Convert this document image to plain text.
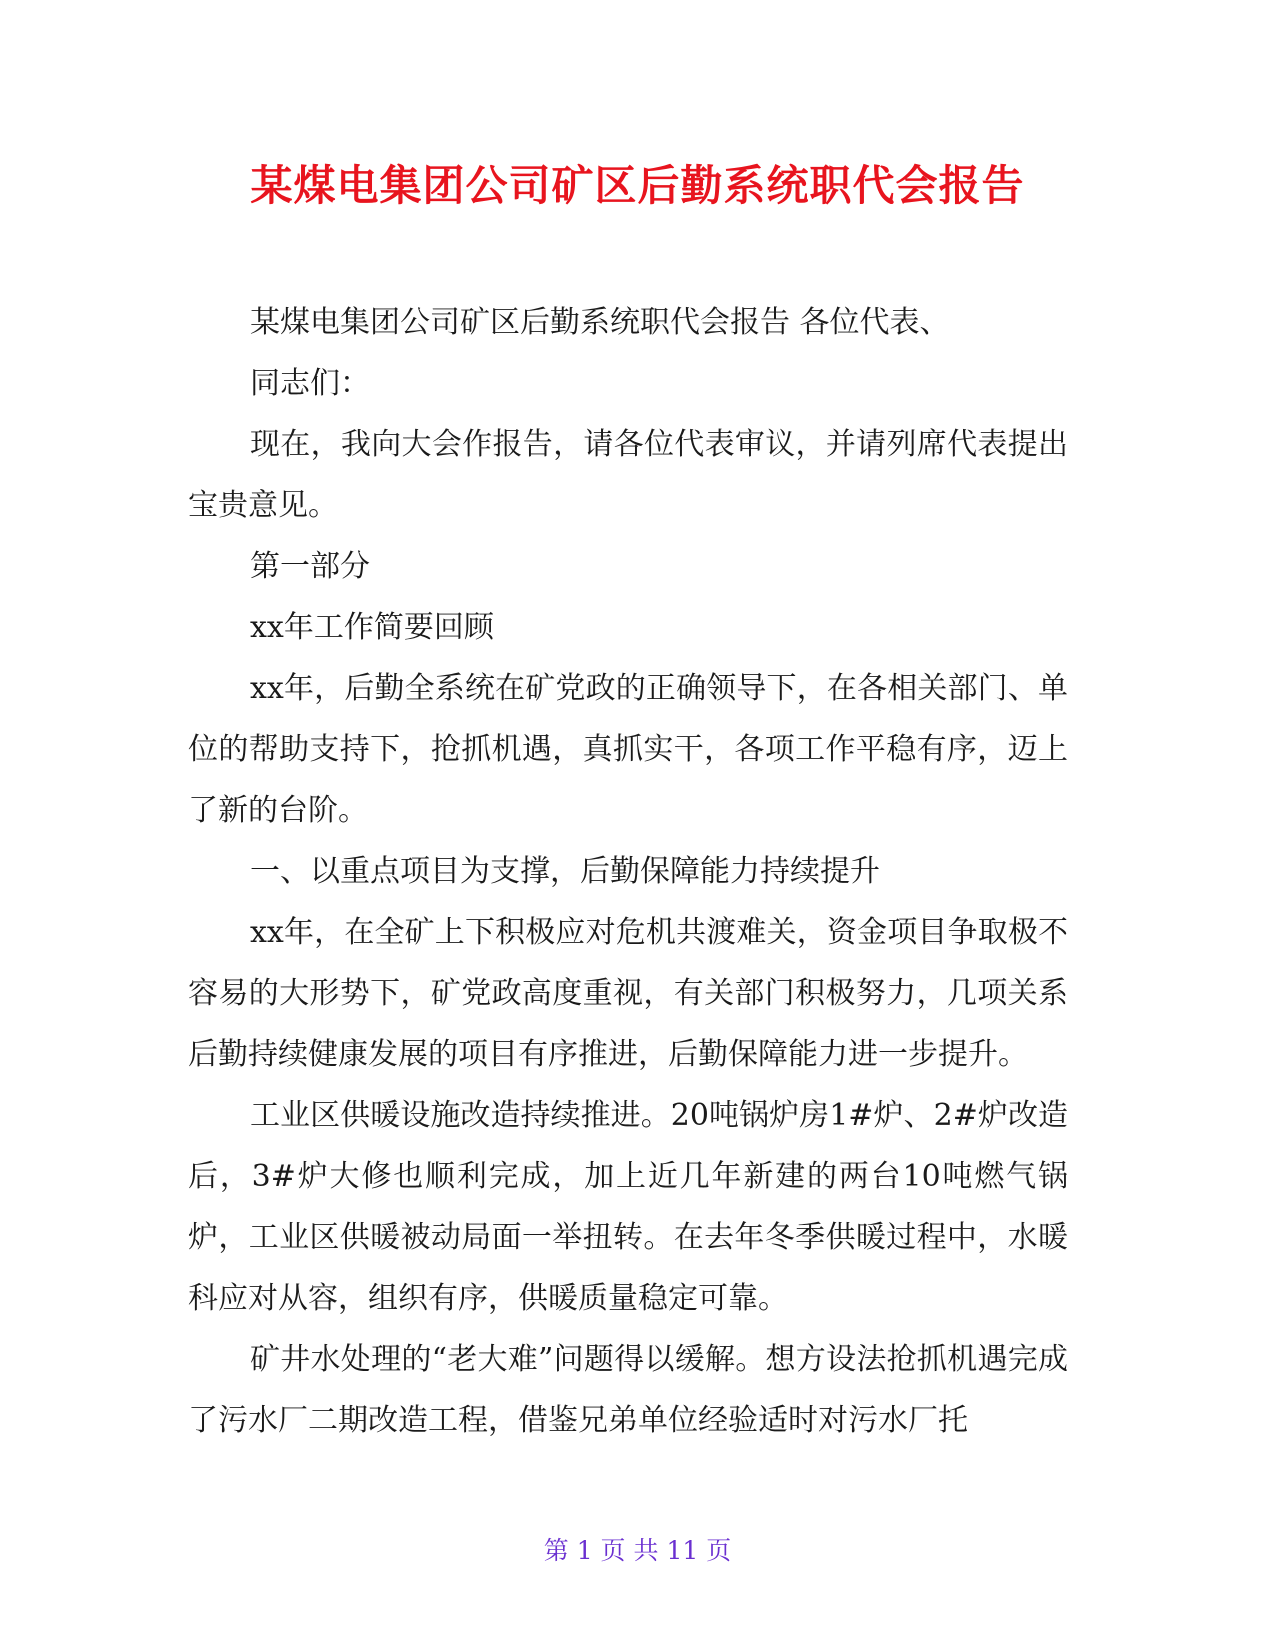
某煤电集团公司矿区后勤系统职代会报告

某煤电集团公司矿区后勤系统职代会报告 各位代表、

同志们：

现在，我向大会作报告，请各位代表审议，并请列席代表提出宝贵意见。

第一部分

xx年工作简要回顾

xx年，后勤全系统在矿党政的正确领导下，在各相关部门、单位的帮助支持下，抢抓机遇，真抓实干，各项工作平稳有序，迈上了新的台阶。

一、以重点项目为支撑，后勤保障能力持续提升

xx年，在全矿上下积极应对危机共渡难关，资金项目争取极不容易的大形势下，矿党政高度重视，有关部门积极努力，几项关系后勤持续健康发展的项目有序推进，后勤保障能力进一步提升。

工业区供暖设施改造持续推进。20吨锅炉房1#炉、2#炉改造后，3#炉大修也顺利完成，加上近几年新建的两台10吨燃气锅炉，工业区供暖被动局面一举扭转。在去年冬季供暖过程中，水暖科应对从容，组织有序，供暖质量稳定可靠。

矿井水处理的“老大难”问题得以缓解。想方设法抢抓机遇完成了污水厂二期改造工程，借鉴兄弟单位经验适时对污水厂托

第 1 页 共 11 页
